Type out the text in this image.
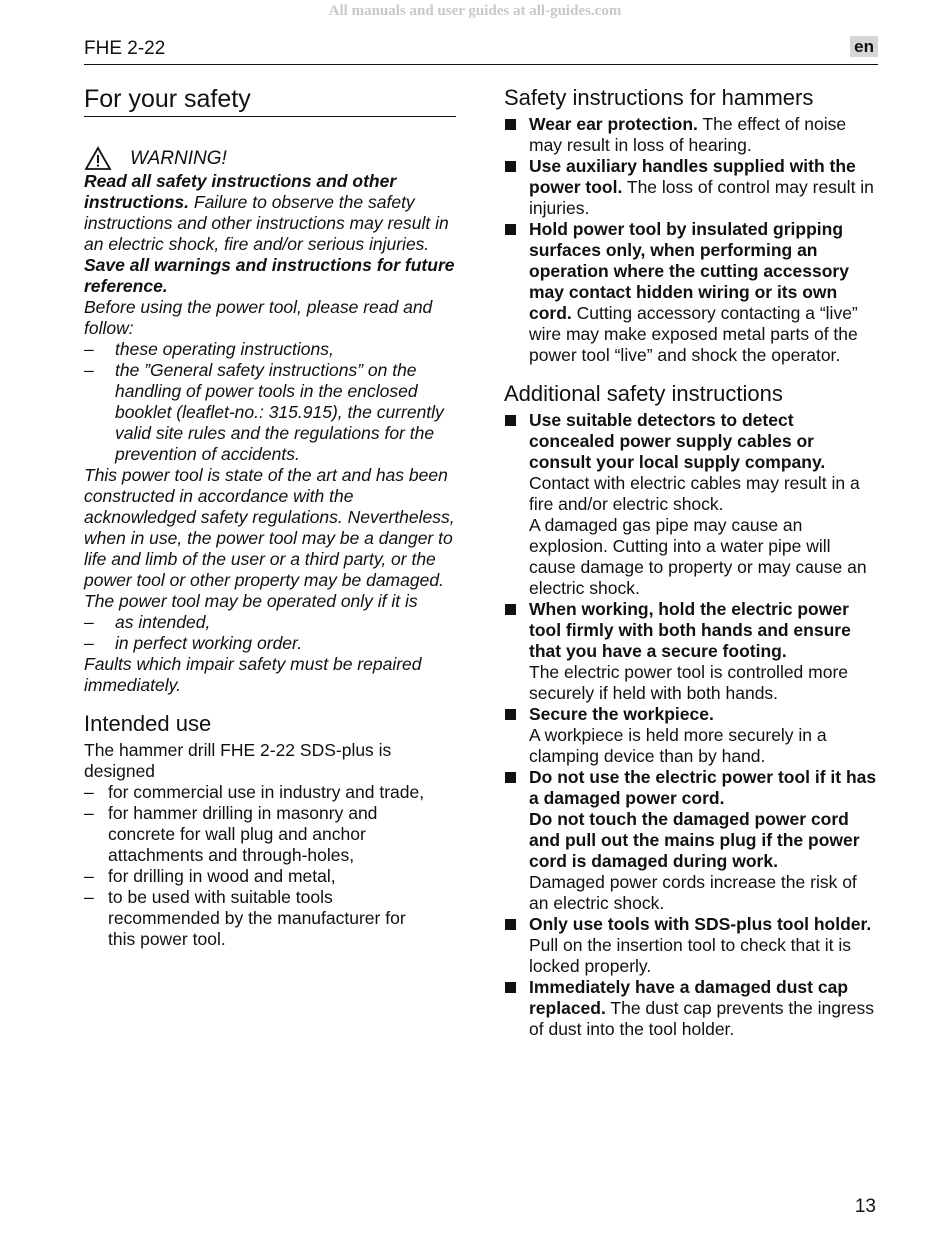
All manuals and user guides at all-guides.com
FHE 2-22	en
For your safety
WARNING!

Read all safety instructions and other instructions. Failure to observe the safety instructions and other instructions may result in an electric shock, fire and/or serious injuries. Save all warnings and instructions for future reference.

Before using the power tool, please read and follow:

– these operating instructions,
– the ”General safety instructions” on the handling of power tools in the enclosed booklet (leaflet-no.: 315.915), the currently valid site rules and the regulations for the prevention of accidents.

This power tool is state of the art and has been constructed in accordance with the acknowledged safety regulations. Nevertheless, when in use, the power tool may be a danger to life and limb of the user or a third party, or the power tool or other property may be damaged.

The power tool may be operated only if it is

– as intended,
– in perfect working order.

Faults which impair safety must be repaired immediately.

Intended use

The hammer drill FHE 2-22 SDS-plus is designed

– for commercial use in industry and trade,
– for hammer drilling in masonry and concrete for wall plug and anchor attachments and through-holes,
– for drilling in wood and metal,
– to be used with suitable tools recommended by the manufacturer for this power tool.
Safety instructions for hammers
Wear ear protection. The effect of noise may result in loss of hearing.
Use auxiliary handles supplied with the power tool. The loss of control may result in injuries.
Hold power tool by insulated gripping surfaces only, when performing an operation where the cutting accessory may contact hidden wiring or its own cord. Cutting accessory contacting a “live” wire may make exposed metal parts of the power tool “live” and shock the operator.
Additional safety instructions
Use suitable detectors to detect concealed power supply cables or consult your local supply company.

Contact with electric cables may result in a fire and/or electric shock.

A damaged gas pipe may cause an explosion. Cutting into a water pipe will cause damage to property or may cause an electric shock.

When working, hold the electric power tool firmly with both hands and ensure that you have a secure footing.

The electric power tool is controlled more securely if held with both hands.

Secure the workpiece.

A workpiece is held more securely in a clamping device than by hand.

Do not use the electric power tool if it has a damaged power cord.

Do not touch the damaged power cord and pull out the mains plug if the power cord is damaged during work.

Damaged power cords increase the risk of an electric shock.

Only use tools with SDS-plus tool holder.

Pull on the insertion tool to check that it is locked properly.

Immediately have a damaged dust cap replaced. The dust cap prevents the ingress of dust into the tool holder.
13
